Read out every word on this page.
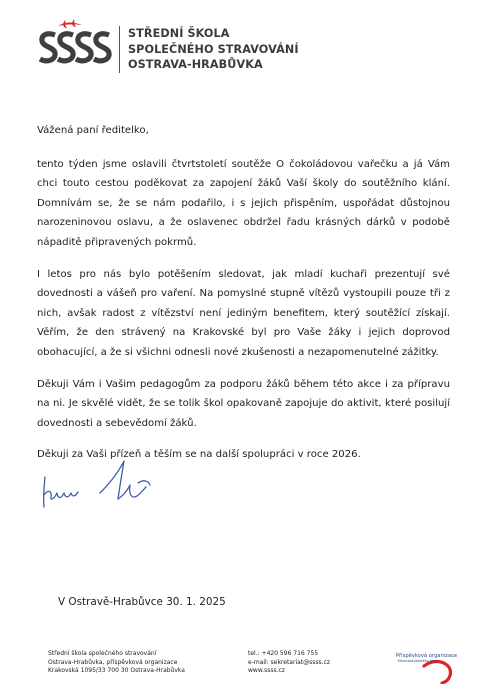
STŘEDNÍ ŠKOLA
SPOLEČNÉHO STRAVOVÁNÍ
OSTRAVA-HRABŮVKA

Vážená paní ředitelko,

tento týden jsme oslavili čtvrtstoletí soutěže O čokoládovou vařečku a já Vám chci touto cestou poděkovat za zapojení žáků Vaší školy do soutěžního klání. Domnívám se, že se nám podařilo, i s jejich přispěním, uspořádat důstojnou narozeninovou oslavu, a že oslavenec obdržel řadu krásných dárků v podobě nápaditě připravených pokrmů.

I letos pro nás bylo potěšením sledovat, jak mladí kuchaři prezentují své dovednosti a vášeň pro vaření. Na pomyslné stupně vítězů vystoupili pouze tři z nich, avšak radost z vítězství není jediným benefitem, který soutěžící získají. Věřím, že den strávený na Krakovské byl pro Vaše žáky i jejich doprovod obohacující, a že si všichni odnesli nové zkušenosti a nezapomenutelné zážitky.

Děkuji Vám i Vašim pedagogům za podporu žáků během této akce i za přípravu na ni. Je skvělé vidět, že se tolik škol opakovaně zapojuje do aktivit, které posilují dovednosti a sebevědomí žáků.

Děkuji za Vaši přízeň a těším se na další spolupráci v roce 2026.

V Ostravě-Hrabůvce 30. 1. 2025
Střední škola společného stravování
Ostrava-Hrabůvka, příspěvková organizace
Krakovská 1095/33 700 30 Ostrava-Hrabůvka
tel.: +420 596 716 755
e-mail: sekretariat@ssss.cz
www.ssss.cz
Příspěvková organizace
Moravskoslezského kraje
